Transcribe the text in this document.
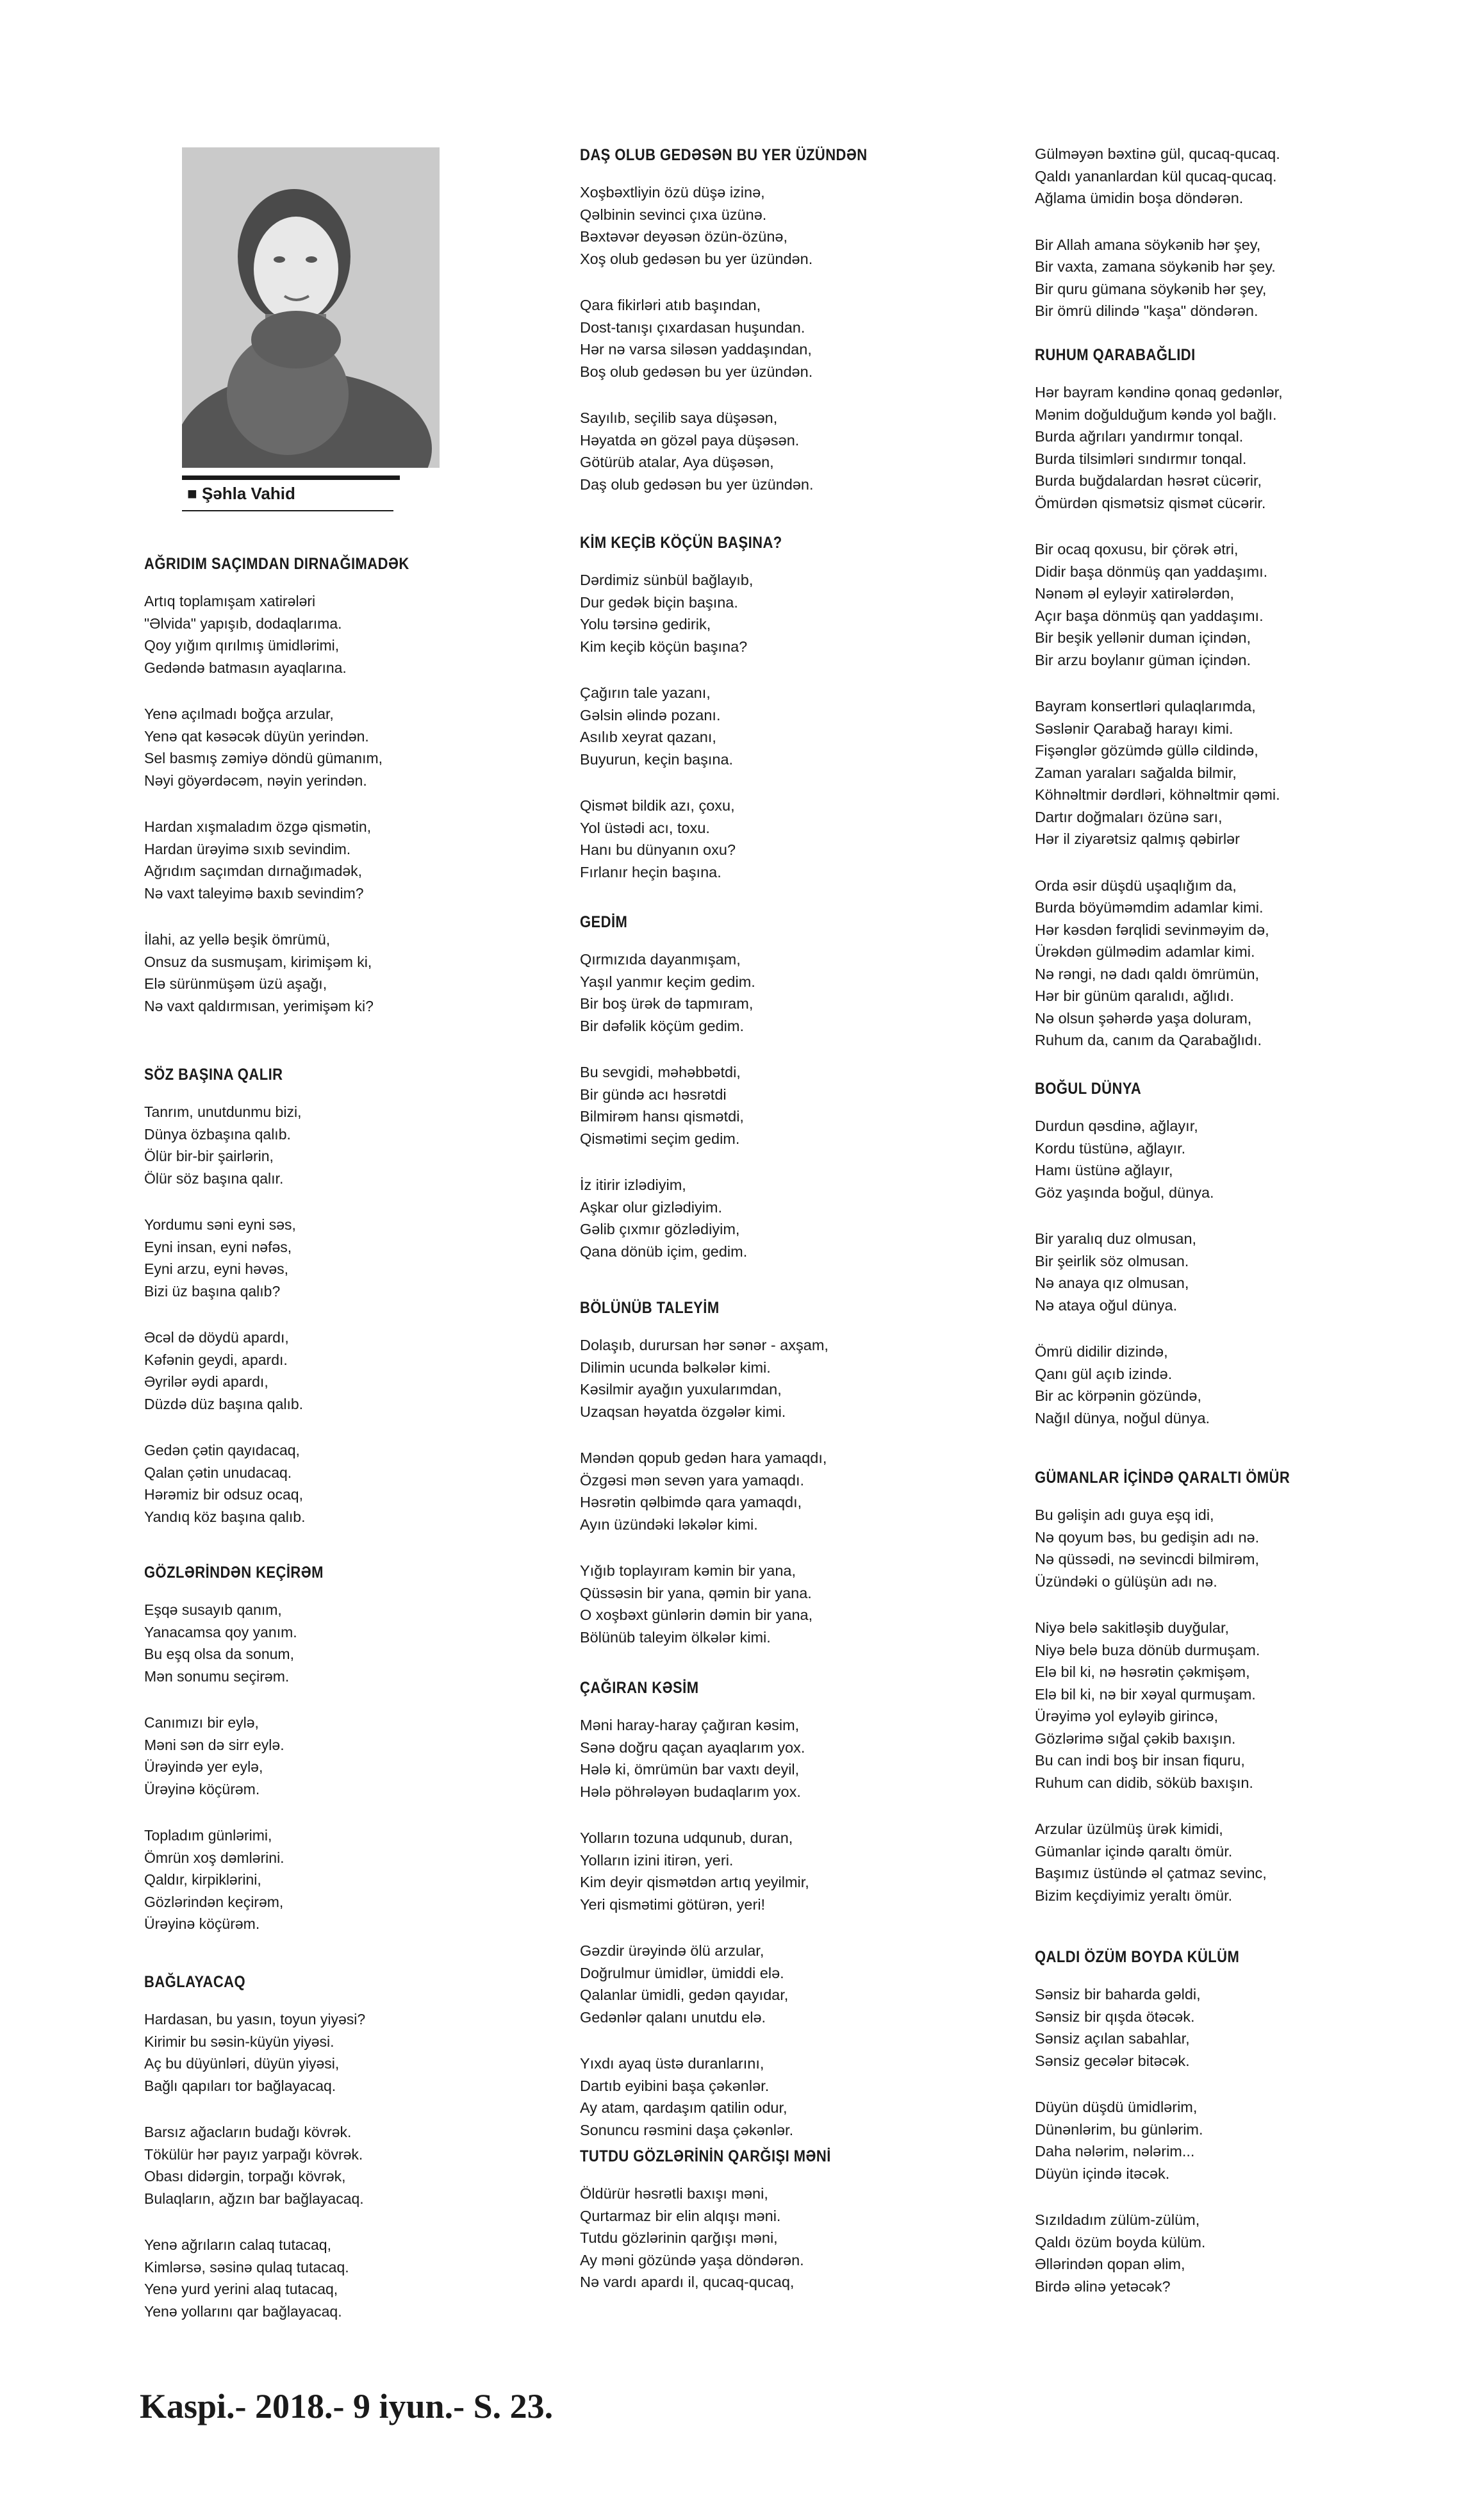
■ Şəhla Vahid
AĞRIDIM SAÇIMDAN DIRNAĞIMADƏK
Artıq toplamışam xatirələri
"Əlvida" yapışıb, dodaqlarıma.
Qoy yığım qırılmış ümidlərimi,
Gedəndə batmasın ayaqlarına.
Yenə açılmadı boğça arzular,
Yenə qat kəsəcək düyün yerindən.
Sel basmış zəmiyə döndü gümanım,
Nəyi göyərdəcəm, nəyin yerindən.
Hardan xışmaladım özgə qismətin,
Hardan ürəyimə sıxıb sevindim.
Ağrıdım saçımdan dırnağımadək,
Nə vaxt taleyimə baxıb sevindim?
İlahi, az yellə beşik ömrümü,
Onsuz da susmuşam, kirimişəm ki,
Elə sürünmüşəm üzü aşağı,
Nə vaxt qaldırmısan, yerimişəm ki?
SÖZ BAŞINA QALIR
Tanrım, unutdunmu bizi,
Dünya özbaşına qalıb.
Ölür bir-bir şairlərin,
Ölür söz başına qalır.
Yordumu səni eyni səs,
Eyni insan, eyni nəfəs,
Eyni arzu, eyni həvəs,
Bizi üz başına qalıb?
Əcəl də döydü apardı,
Kəfənin geydi, apardı.
Əyrilər əydi apardı,
Düzdə düz başına qalıb.
Gedən çətin qayıdacaq,
Qalan çətin unudacaq.
Hərəmiz bir odsuz ocaq,
Yandıq köz başına qalıb.
GÖZLƏRİNDƏN KEÇİRƏM
Eşqə susayıb qanım,
Yanacamsa qoy yanım.
Bu eşq olsa da sonum,
Mən sonumu seçirəm.
Canımızı bir eylə,
Məni sən də sirr eylə.
Ürəyində yer eylə,
Ürəyinə köçürəm.
Topladım günlərimi,
Ömrün xoş dəmlərini.
Qaldır, kirpiklərini,
Gözlərindən keçirəm,
Ürəyinə köçürəm.
BAĞLAYACAQ
Hardasan, bu yasın, toyun yiyəsi?
Kirimir bu səsin-küyün yiyəsi.
Aç bu düyünləri, düyün yiyəsi,
Bağlı qapıları tor bağlayacaq.
Barsız ağacların budağı kövrək.
Tökülür hər payız yarpağı kövrək.
Obası didərgin, torpağı kövrək,
Bulaqların, ağzın bar bağlayacaq.
Yenə ağrıların calaq tutacaq,
Kimlərsə, səsinə qulaq tutacaq.
Yenə yurd yerini alaq tutacaq,
Yenə yollarını qar bağlayacaq.
DAŞ OLUB GEDƏSƏN BU YER ÜZÜNDƏN
Xoşbəxtliyin özü düşə izinə,
Qəlbinin sevinci çıxa üzünə.
Bəxtəvər deyəsən özün-özünə,
Xoş olub gedəsən bu yer üzündən.
Qara fikirləri atıb başından,
Dost-tanışı çıxardasan huşundan.
Hər nə varsa siləsən yaddaşından,
Boş olub gedəsən bu yer üzündən.
Sayılıb, seçilib saya düşəsən,
Həyatda ən gözəl paya düşəsən.
Götürüb atalar, Aya düşəsən,
Daş olub gedəsən bu yer üzündən.
KİM KEÇİB KÖÇÜN BAŞINA?
Dərdimiz sünbül bağlayıb,
Dur gedək biçin başına.
Yolu tərsinə gedirik,
Kim keçib köçün başına?
Çağırın tale yazanı,
Gəlsin əlində pozanı.
Asılıb xeyrat qazanı,
Buyurun, keçin başına.
Qismət bildik azı, çoxu,
Yol üstədi acı, toxu.
Hanı bu dünyanın oxu?
Fırlanır heçin başına.
GEDİM
Qırmızıda dayanmışam,
Yaşıl yanmır keçim gedim.
Bir boş ürək də tapmıram,
Bir dəfəlik köçüm gedim.
Bu sevgidi, məhəbbətdi,
Bir gündə acı həsrətdi
Bilmirəm hansı qismətdi,
Qismətimi seçim gedim.
İz itirir izlədiyim,
Aşkar olur gizlədiyim.
Gəlib çıxmır gözlədiyim,
Qana dönüb içim, gedim.
BÖLÜNÜB TALEYİM
Dolaşıb, durursan hər sənər - axşam,
Dilimin ucunda bəlkələr kimi.
Kəsilmir ayağın yuxularımdan,
Uzaqsan həyatda özgələr kimi.
Məndən qopub gedən hara yamaqdı,
Özgəsi mən sevən yara yamaqdı.
Həsrətin qəlbimdə qara yamaqdı,
Ayın üzündəki ləkələr kimi.
Yığıb toplayıram kəmin bir yana,
Qüssəsin bir yana, qəmin bir yana.
O xoşbəxt günlərin dəmin bir yana,
Bölünüb taleyim ölkələr kimi.
ÇAĞIRAN KƏSİM
Məni haray-haray çağıran kəsim,
Sənə doğru qaçan ayaqlarım yox.
Hələ ki, ömrümün bar vaxtı deyil,
Hələ pöhrələyən budaqlarım yox.
Yolların tozuna udqunub, duran,
Yolların izini itirən, yeri.
Kim deyir qismətdən artıq yeyilmir,
Yeri qismətimi götürən, yeri!
Gəzdir ürəyində ölü arzular,
Doğrulmur ümidlər, ümiddi elə.
Qalanlar ümidli, gedən qayıdar,
Gedənlər qalanı unutdu elə.
Yıxdı ayaq üstə duranlarını,
Dartıb eyibini başa çəkənlər.
Ay atam, qardaşım qatilin odur,
Sonuncu rəsmini daşa çəkənlər.
TUTDU GÖZLƏRİNİN QARĞIŞI MƏNİ
Öldürür həsrətli baxışı məni,
Qurtarmaz bir elin alqışı məni.
Tutdu gözlərinin qarğışı məni,
Ay məni gözündə yaşa döndərən.
Nə vardı apardı il, qucaq-qucaq,
Gülməyən bəxtinə gül, qucaq-qucaq.
Qaldı yananlardan kül qucaq-qucaq.
Ağlama ümidin boşa döndərən.
Bir Allah amana söykənib hər şey,
Bir vaxta, zamana söykənib hər şey.
Bir quru gümana söykənib hər şey,
Bir ömrü dilində "kaşa" döndərən.
RUHUM QARABAĞLIDI
Hər bayram kəndinə qonaq gedənlər,
Mənim doğulduğum kəndə yol bağlı.
Burda ağrıları yandırmır tonqal.
Burda tilsimləri sındırmır tonqal.
Burda buğdalardan həsrət cücərir,
Ömürdən qismətsiz qismət cücərir.
Bir ocaq qoxusu, bir çörək ətri,
Didir başa dönmüş qan yaddaşımı.
Nənəm əl eyləyir xatirələrdən,
Açır başa dönmüş qan yaddaşımı.
Bir beşik yellənir duman içindən,
Bir arzu boylanır güman içindən.
Bayram konsertləri qulaqlarımda,
Səslənir Qarabağ harayı kimi.
Fişənglər gözümdə güllə cildində,
Zaman yaraları sağalda bilmir,
Köhnəltmir dərdləri, köhnəltmir qəmi.
Dartır doğmaları özünə sarı,
Hər il ziyarətsiz qalmış qəbirlər
Orda əsir düşdü uşaqlığım da,
Burda böyüməmdim adamlar kimi.
Hər kəsdən fərqlidi sevinməyim də,
Ürəkdən gülmədim adamlar kimi.
Nə rəngi, nə dadı qaldı ömrümün,
Hər bir günüm qaralıdı, ağlıdı.
Nə olsun şəhərdə yaşa doluram,
Ruhum da, canım da Qarabağlıdı.
BOĞUL DÜNYA
Durdun qəsdinə, ağlayır,
Kordu tüstünə, ağlayır.
Hamı üstünə ağlayır,
Göz yaşında boğul, dünya.
Bir yaralıq duz olmusan,
Bir şeirlik söz olmusan.
Nə anaya qız olmusan,
Nə ataya oğul dünya.
Ömrü didilir dizində,
Qanı gül açıb izində.
Bir ac körpənin gözündə,
Nağıl dünya, noğul dünya.
GÜMANLAR İÇİNDƏ QARALTI ÖMÜR
Bu gəlişin adı guya eşq idi,
Nə qoyum bəs, bu gedişin adı nə.
Nə qüssədi, nə sevincdi bilmirəm,
Üzündəki o gülüşün adı nə.
Niyə belə sakitləşib duyğular,
Niyə belə buza dönüb durmuşam.
Elə bil ki, nə həsrətin çəkmişəm,
Elə bil ki, nə bir xəyal qurmuşam.
Ürəyimə yol eyləyib girincə,
Gözlərimə sığal çəkib baxışın.
Bu can indi boş bir insan fiquru,
Ruhum can didib, söküb baxışın.
Arzular üzülmüş ürək kimidi,
Gümanlar içində qaraltı ömür.
Başımız üstündə əl çatmaz sevinc,
Bizim keçdiyimiz yeraltı ömür.
QALDI ÖZÜM BOYDA KÜLÜM
Sənsiz bir baharda gəldi,
Sənsiz bir qışda ötəcək.
Sənsiz açılan sabahlar,
Sənsiz gecələr bitəcək.
Düyün düşdü ümidlərim,
Dünənlərim, bu günlərim.
Daha nələrim, nələrim...
Düyün içində itəcək.
Sızıldadım zülüm-zülüm,
Qaldı özüm boyda külüm.
Əllərindən qopan əlim,
Birdə əlinə yetəcək?
Kaspi.- 2018.- 9 iyun.- S. 23.
